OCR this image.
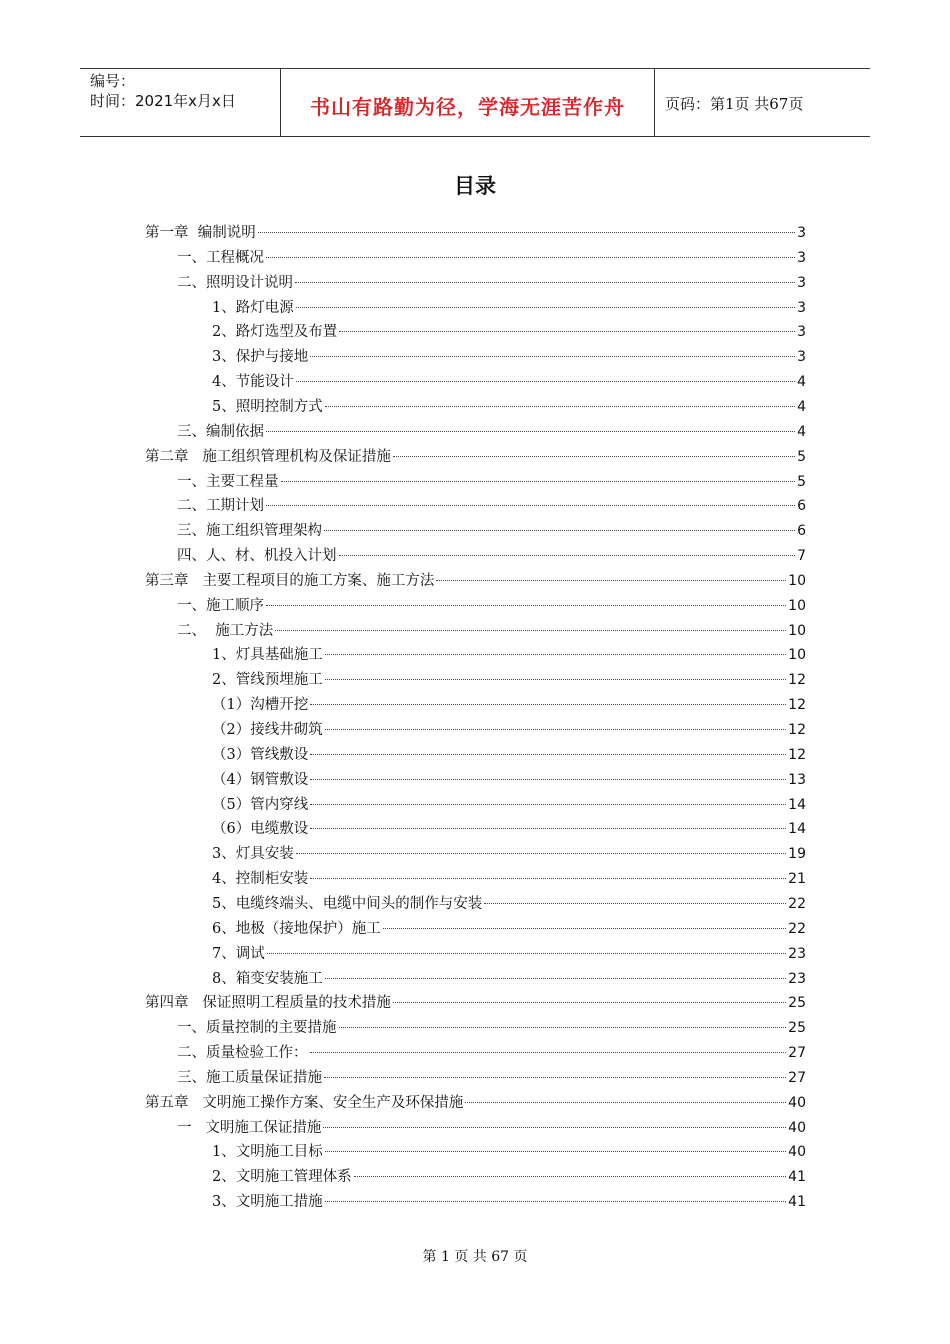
编号：
时间：2021年x月x日	书山有路勤为径，学海无涯苦作舟	页码：第1页 共67页
目录
第一章  编制说明	3
一、工程概况	3
二、照明设计说明	3
1、路灯电源	3
2、路灯选型及布置	3
3、保护与接地	3
4、节能设计	4
5、照明控制方式	4
三、编制依据	4
第二章   施工组织管理机构及保证措施	5
一、主要工程量	5
二、工期计划	6
三、施工组织管理架构	6
四、人、材、机投入计划	7
第三章   主要工程项目的施工方案、施工方法	10
一、施工顺序	10
二、  施工方法	10
1、灯具基础施工	10
2、管线预埋施工	12
（1）沟槽开挖	12
（2）接线井砌筑	12
（3）管线敷设	12
（4）钢管敷设	13
（5）管内穿线	14
（6）电缆敷设	14
3、灯具安装	19
4、控制柜安装	21
5、电缆终端头、电缆中间头的制作与安装	22
6、地极（接地保护）施工	22
7、调试	23
8、箱变安装施工	23
第四章   保证照明工程质量的技术措施	25
一、质量控制的主要措施	25
二、质量检验工作：	27
三、施工质量保证措施	27
第五章   文明施工操作方案、安全生产及环保措施	40
一   文明施工保证措施	40
1、文明施工目标	40
2、文明施工管理体系	41
3、文明施工措施	41
第 1 页 共 67 页
